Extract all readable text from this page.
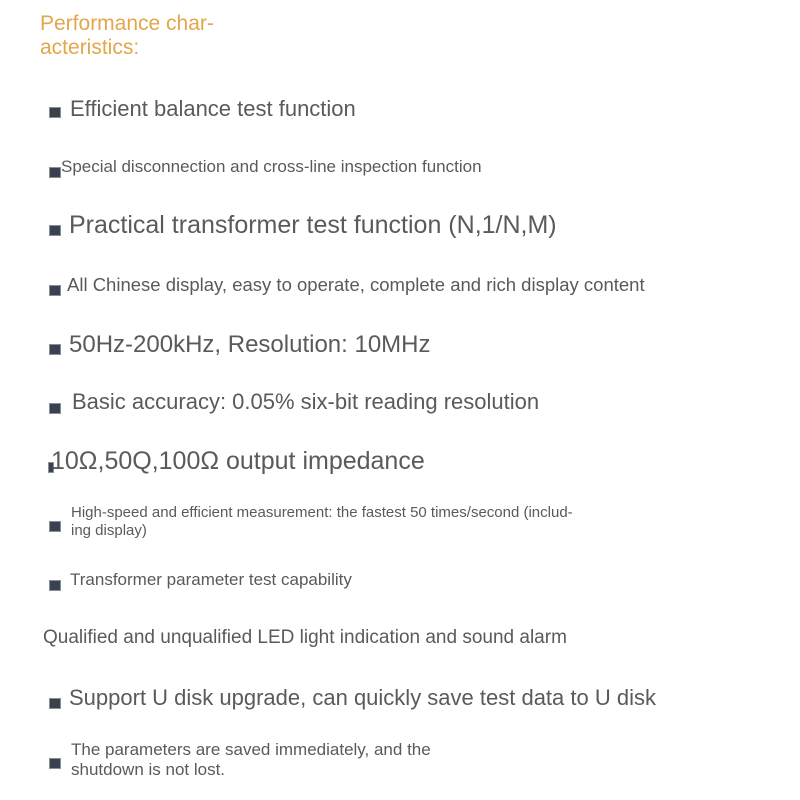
Performance char-
acteristics:
Efficient balance test function
Special disconnection and cross-line inspection function
Practical transformer test function (N,1/N,M)
All Chinese display, easy to operate, complete and rich display content
50Hz-200kHz, Resolution: 10MHz
Basic accuracy: 0.05% six-bit reading resolution
10Ω,50Q,100Ω output impedance
High-speed and efficient measurement: the fastest 50 times/second (includ-
ing display)
Transformer parameter test capability
Qualified and unqualified LED light indication and sound alarm
Support U disk upgrade, can quickly save test data to U disk
The parameters are saved immediately, and the
shutdown is not lost.
